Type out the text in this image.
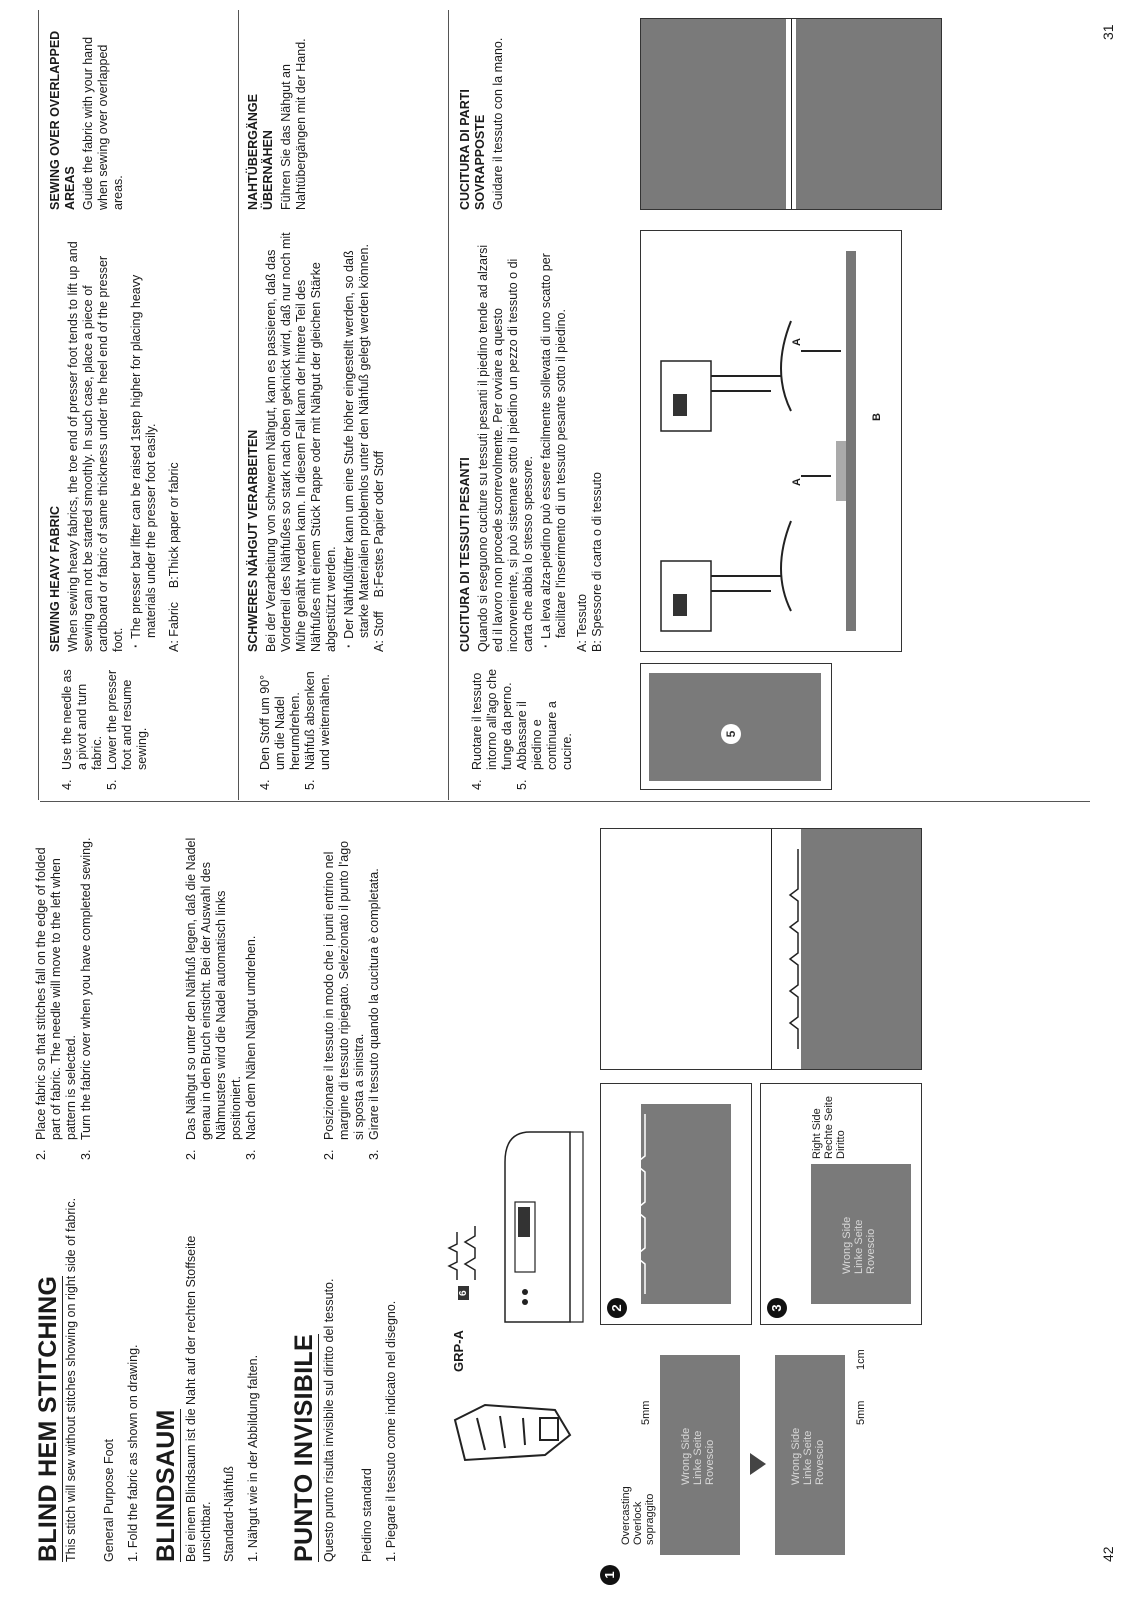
BLIND HEM STITCHING This stitch will sew without stitches showing on right side of fabric. General Purpose Foot 1. Fold the fabric as shown on drawing.
2.
Place fabric so that stitches fall on the edge of folded part of fabric. The needle will move to the left when pattern is selected.
3.
Turn the fabric over when you have completed sewing.
BLINDSAUM Bei einem Blindsaum ist die Naht auf der rechten Stoffseite unsichtbar. Standard-Nähfuß 1. Nähgut wie in der Abbildung falten.
2.
Das Nähgut so unter den Nähfuß legen, daß die Nadel genau in den Bruch einsticht. Bei der Auswahl des Nähmusters wird die Nadel automatisch links positioniert.
3.
Nach dem Nähen Nähgut umdrehen.
PUNTO INVISIBILE Questo punto risulta invisibile sul diritto del tessuto. Piedino standard 1. Piegare il tessuto come indicato nel disegno.
2.
Posizionare il tessuto in modo che i punti entrino nel margine di tessuto ripiegato. Selezionato il punto l'ago si sposta a sinistra.
3.
Girare il tessuto quando la cucitura è completata.
GRP-A
6
1
Wrong Side Linke Seite Rovescio
Overcasting Overlock sopraggito
5mm
Wrong Side Linke Seite Rovescio
5mm
1cm
2	3
Wrong Side Linke Seite Rovescio
Right Side Rechte Seite Diritto
42
4.
Use the needle as a pivot and turn fabric.
5.
Lower the presser foot and resume sewing.

SEWING HEAVY FABRIC When sewing heavy fabrics, the toe end of presser foot tends to lift up and sewing can not be started smoothly. In such case, place a piece of cardboard or fabric of same thickness under the heel end of the presser foot.

· The presser bar lifter can be raised 1step higher for placing heavy materials under the presser foot easily. A: Fabric    B:Thick paper or fabric

SEWING OVER OVERLAPPED AREAS Guide the fabric with your hand when sewing over overlapped areas.

4.
Den Stoff um 90° um die Nadel herumdrehen.
5.
Nähfuß absenken und weiternähen.

SCHWERES NÄHGUT VERARBEITEN Bei der Verarbeitung von schwerem Nähgut, kann es passieren, daß das Vorderteil des Nähfußes so stark nach oben geknickt wird, daß nur noch mit Mühe genäht werden kann. In diesem Fall kann der hintere Teil des Nähfußes mit einem Stück Pappe oder mit Nähgut der gleichen Stärke abgestützt werden. · Der Nähfußlüfter kann um eine Stufe höher eingestellt werden, so daß starke Materialien problemlos unter den Nähfuß gelegt werden können. A: Stoff    B:Festes Papier oder Stoff

NAHTÜBERGÄNGE ÜBERNÄHEN Führen Sie das Nähgut an Nahtübergängen mit der Hand.

4.
Ruotare il tessuto intorno all'ago che funge da perno.
5.
Abbassare il piedino e continuare a cucire.

CUCITURA DI TESSUTI PESANTI Quando si eseguono cuciture su tessuti pesanti il piedino tende ad alzarsi ed il lavoro non procede scorrevolmente. Per ovviare a questo inconveniente, si può sistemare sotto il piedino un pezzo di tessuto o di carta che abbia lo stesso spessore. · La leva alza-piedino può essere facilmente sollevata di uno scatto per facilitare l'inserimento di un tessuto pesante sotto il piedino. A: Tessuto B: Spessore di carta o di tessuto

CUCITURA DI PARTI SOVRAPPOSTE Guidare il tessuto con la mano.

5
A
A
B
31
